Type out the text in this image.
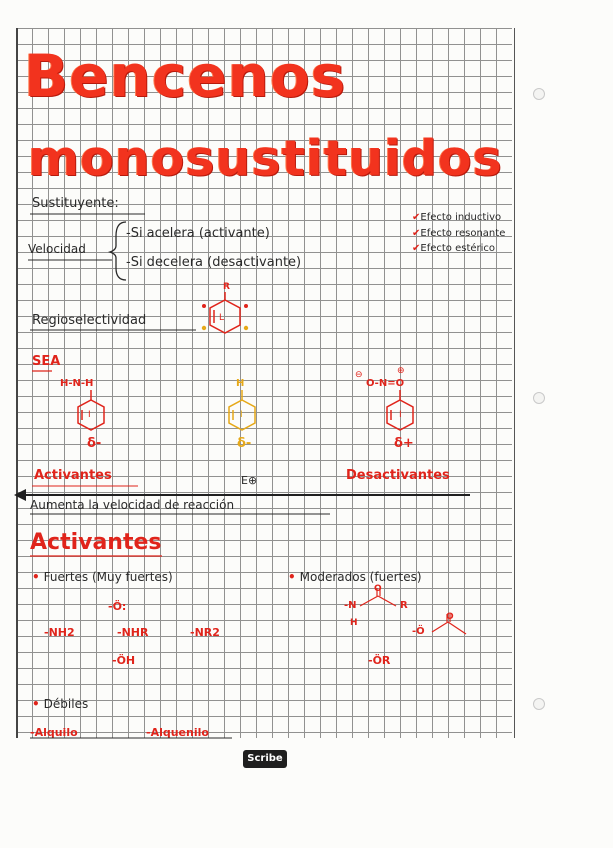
Bencenos
monosustituidos
Sustituyente:
Velocidad
-Si acelera (activante)
-Si decelera (desactivante)
✔Efecto inductivo
✔Efecto resonante
✔Efecto estérico
Regioselectividad
R
L
SEA
H-N-H
δ-
H
δ-
⊖	⊕
O-N=O
δ+
I	I	I
Activantes	E⊕	Desactivantes
Aumenta la velocidad de reacción
Activantes
• Fuertes (Muy fuertes)
-Ö:
-NH2	-NHR	-NR2
-ÖH
• Moderados (fuertes)
-N
H
O
R
-Ö
O
-ÖR
• Débiles
-Alquilo	-Alquenilo
Scribe
